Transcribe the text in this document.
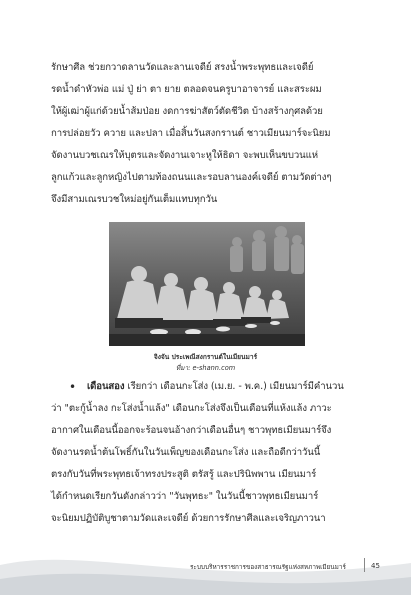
รักษาศีล ช่วยกวาดลานวัดและลานเจดีย์ สรงน้ำพระพุทธและเจดีย์
รดน้ำดำหัวพ่อ แม่ ปู่ ย่า ตา ยาย ตลอดจนครูบาอาจารย์ และสระผม
ให้ผู้เฒ่าผู้แก่ด้วยน้ำส้มป่อย งดการฆ่าสัตว์ตัดชีวิต บ้างสร้างกุศลด้วย
การปล่อยวัว ควาย และปลา เมื่อสิ้นวันสงกรานต์ ชาวเมียนมาร์จะนิยม
จัดงานบวชเณรให้บุตรและจัดงานเจาะหูให้ธิดา จะพบเห็นขบวนแห่
ลูกแก้วและลูกหญิงไปตามท้องถนนและรอบลานองค์เจดีย์ ตามวัดต่างๆ
จึงมีสามเณรบวชใหม่อยู่กันเต็มแทบทุกวัน
จิงจัน ประเพณีสงกรานต์ในเมียนมาร์
ที่มา: e-shann.com
• เดือนสอง เรียกว่า เดือนกะโส่ง (เม.ย. - พ.ค.) เมียนมาร์มีคำนวน
ว่า "ตะกู้น้ำลง กะโส่งน้ำแล้ง" เดือนกะโส่งจึงเป็นเดือนที่แห้งแล้ง ภาวะ
อากาศในเดือนนี้ออกจะร้อนจนอ้างกว่าเดือนอื่นๆ ชาวพุทธเมียนมาร์จึง
จัดงานรดน้ำต้นโพธิ์กันในวันเพ็ญของเดือนกะโส่ง และถือดีกว่าวันนี้
ตรงกับวันที่พระพุทธเจ้าทรงประสูติ ตรัสรู้ และปรินิพพาน เมียนมาร์
ได้กำหนดเรียกวันดังกล่าวว่า "วันพุทธะ" ในวันนี้ชาวพุทธเมียนมาร์
จะนิยมปฏิบัติบูชาตามวัดและเจดีย์ ด้วยการรักษาศีลและเจริญภาวนา
ระบบบริหารราชการของสาธารณรัฐแห่งสหภาพเมียนมาร์	45
